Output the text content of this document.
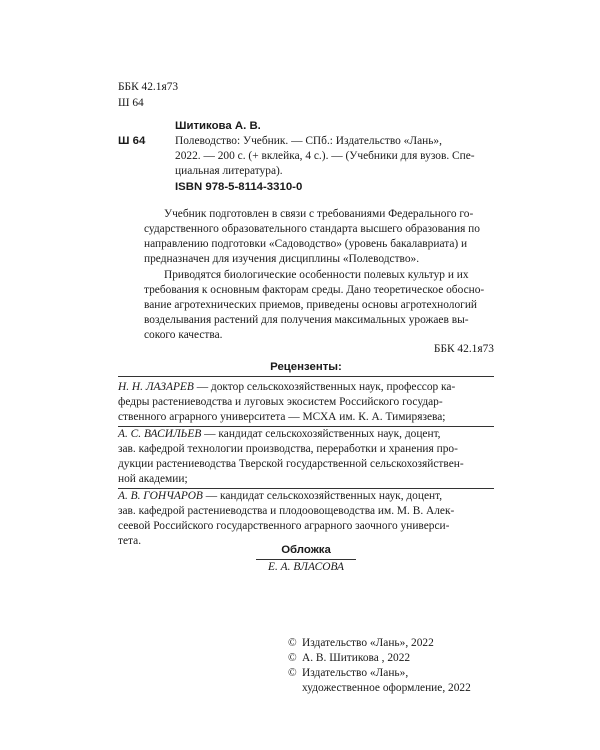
ББК 42.1я73
Ш 64
Шитикова А. В.
Ш 64	Полеводство: Учебник. — СПб.: Издательство «Лань»,
2022. — 200 с. (+ вклейка, 4 с.). — (Учебники для вузов. Спе-
циальная литература).
ISBN 978-5-8114-3310-0
Учебник подготовлен в связи с требованиями Федерального го-
сударственного образовательного стандарта высшего образования по
направлению подготовки «Садоводство» (уровень бакалавриата) и
предназначен для изучения дисциплины «Полеводство».
Приводятся биологические особенности полевых культур и их
требования к основным факторам среды. Дано теоретическое обосно-
вание агротехнических приемов, приведены основы агротехнологий
возделывания растений для получения максимальных урожаев вы-
сокого качества.
ББК 42.1я73
Рецензенты:
Н. Н. ЛАЗАРЕВ — доктор сельскохозяйственных наук, профессор ка-
федры растениеводства и луговых экосистем Российского государ-
ственного аграрного университета — МСХА им. К. А. Тимирязева;
А. С. ВАСИЛЬЕВ — кандидат сельскохозяйственных наук, доцент,
зав. кафедрой технологии производства, переработки и хранения про-
дукции растениеводства Тверской государственной сельскохозяйствен-
ной академии;
А. В. ГОНЧАРОВ — кандидат сельскохозяйственных наук, доцент,
зав. кафедрой растениеводства и плодоовощеводства им. М. В. Алек-
сеевой Российского государственного аграрного заочного универси-
тета.
Обложка
Е. А. ВЛАСОВА
© Издательство «Лань», 2022
© А. В. Шитикова , 2022
© Издательство «Лань»,
художественное оформление, 2022
